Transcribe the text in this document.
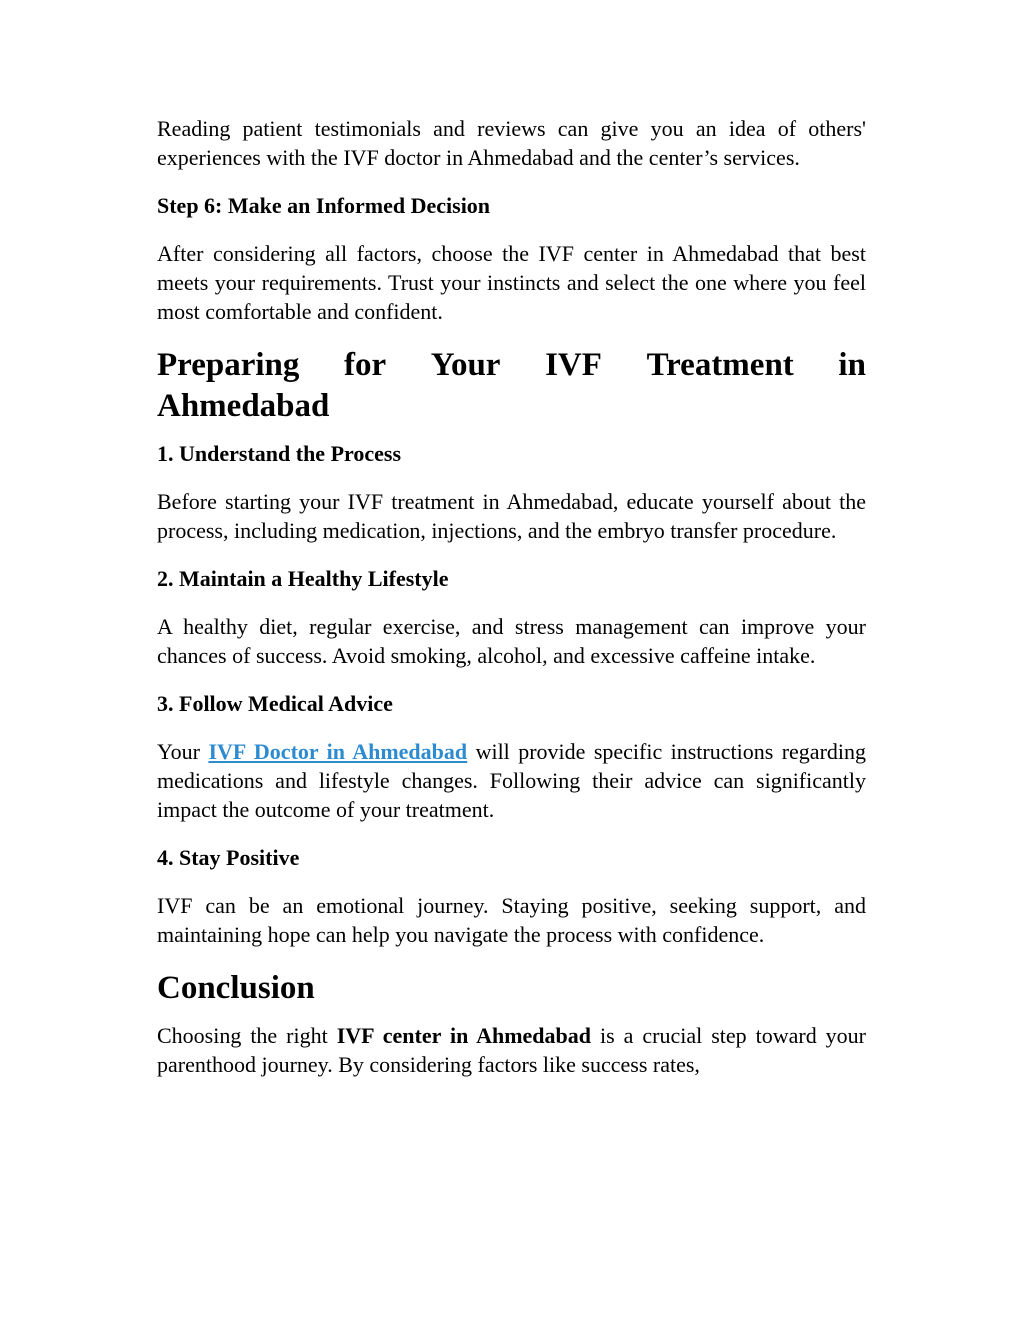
Reading patient testimonials and reviews can give you an idea of others' experiences with the IVF doctor in Ahmedabad and the center’s services.

Step 6: Make an Informed Decision

After considering all factors, choose the IVF center in Ahmedabad that best meets your requirements. Trust your instincts and select the one where you feel most comfortable and confident.

Preparing for Your IVF Treatment in
Ahmedabad
1. Understand the Process

Before starting your IVF treatment in Ahmedabad, educate yourself about the process, including medication, injections, and the embryo transfer procedure.

2. Maintain a Healthy Lifestyle

A healthy diet, regular exercise, and stress management can improve your chances of success. Avoid smoking, alcohol, and excessive caffeine intake.

3. Follow Medical Advice

Your IVF Doctor in Ahmedabad will provide specific instructions regarding medications and lifestyle changes. Following their advice can significantly impact the outcome of your treatment.

4. Stay Positive

IVF can be an emotional journey. Staying positive, seeking support, and maintaining hope can help you navigate the process with confidence.

Conclusion

Choosing the right IVF center in Ahmedabad is a crucial step toward your parenthood journey. By considering factors like success rates,
